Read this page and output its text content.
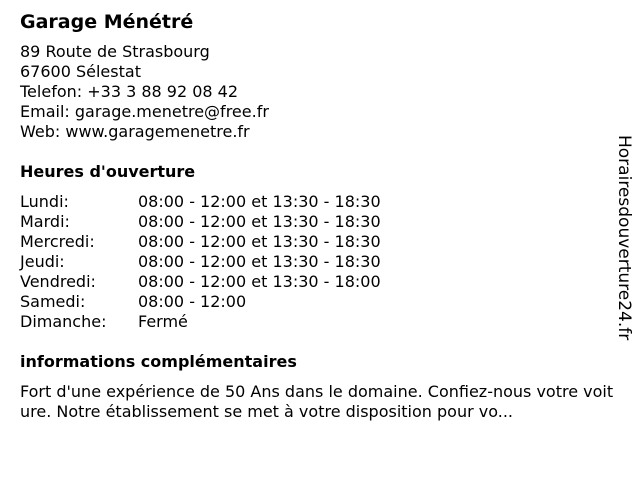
Garage Ménétré
89 Route de Strasbourg
67600 Sélestat
Telefon: +33 3 88 92 08 42
Email: garage.menetre@free.fr
Web: www.garagemenetre.fr
Heures d'ouverture
Lundi:	08:00 - 12:00 et 13:30 - 18:30
Mardi:	08:00 - 12:00 et 13:30 - 18:30
Mercredi:	08:00 - 12:00 et 13:30 - 18:30
Jeudi:	08:00 - 12:00 et 13:30 - 18:30
Vendredi:	08:00 - 12:00 et 13:30 - 18:00
Samedi:	08:00 - 12:00
Dimanche:	Fermé
informations complémentaires
Fort d'une expérience de 50 Ans dans le domaine. Confiez-nous votre voiture. Notre établissement se met à votre disposition pour vo...
Horairesdouverture24.fr
